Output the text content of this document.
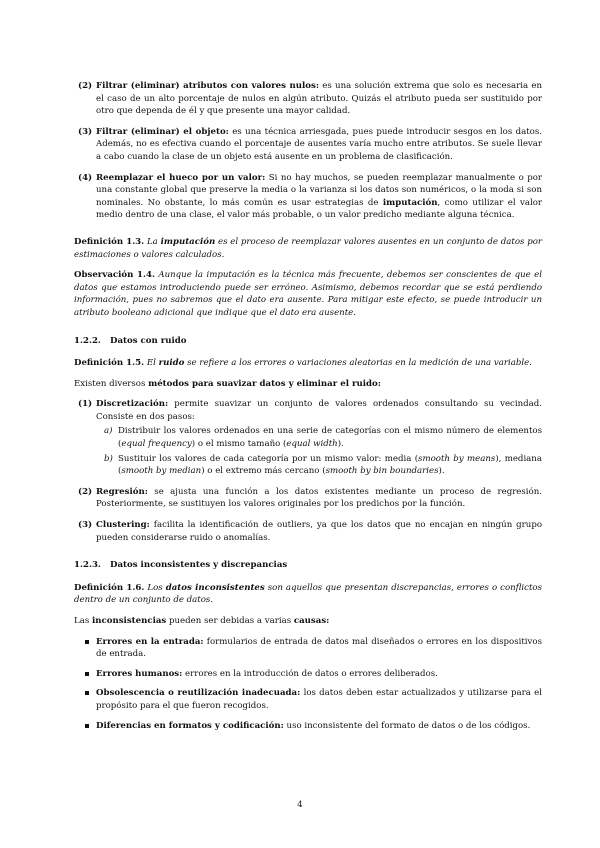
(2) Filtrar (eliminar) atributos con valores nulos: es una solución extrema que solo es necesaria en el caso de un alto porcentaje de nulos en algún atributo. Quizás el atributo pueda ser sustituido por otro que dependa de él y que presente una mayor calidad.
(3) Filtrar (eliminar) el objeto: es una técnica arriesgada, pues puede introducir sesgos en los datos. Además, no es efectiva cuando el porcentaje de ausentes varía mucho entre atributos. Se suele llevar a cabo cuando la clase de un objeto está ausente en un problema de clasificación.
(4) Reemplazar el hueco por un valor: Si no hay muchos, se pueden reemplazar manualmente o por una constante global que preserve la media o la varianza si los datos son numéricos, o la moda si son nominales. No obstante, lo más común es usar estrategias de imputación, como utilizar el valor medio dentro de una clase, el valor más probable, o un valor predicho mediante alguna técnica.
Definición 1.3. La imputación es el proceso de reemplazar valores ausentes en un conjunto de datos por estimaciones o valores calculados.
Observación 1.4. Aunque la imputación es la técnica más frecuente, debemos ser conscientes de que el datos que estamos introduciendo puede ser erróneo. Asimismo, debemos recordar que se está perdiendo información, pues no sabremos que el dato era ausente. Para mitigar este efecto, se puede introducir un atributo booleano adicional que indique que el dato era ausente.
1.2.2. Datos con ruido
Definición 1.5. El ruido se refiere a los errores o variaciones aleatorias en la medición de una variable.
Existen diversos métodos para suavizar datos y eliminar el ruido:
(1) Discretización: permite suavizar un conjunto de valores ordenados consultando su vecindad. Consiste en dos pasos:
a) Distribuir los valores ordenados en una serie de categorías con el mismo número de elementos (equal frequency) o el mismo tamaño (equal width).
b) Sustituir los valores de cada categoría por un mismo valor: media (smooth by means), mediana (smooth by median) o el extremo más cercano (smooth by bin boundaries).
(2) Regresión: se ajusta una función a los datos existentes mediante un proceso de regresión. Posteriormente, se sustituyen los valores originales por los predichos por la función.
(3) Clustering: facilita la identificación de outliers, ya que los datos que no encajan en ningún grupo pueden considerarse ruido o anomalías.
1.2.3. Datos inconsistentes y discrepancias
Definición 1.6. Los datos inconsistentes son aquellos que presentan discrepancias, errores o conflictos dentro de un conjunto de datos.
Las inconsistencias pueden ser debidas a varias causas:
Errores en la entrada: formularios de entrada de datos mal diseñados o errores en los dispositivos de entrada.
Errores humanos: errores en la introducción de datos o errores deliberados.
Obsolescencia o reutilización inadecuada: los datos deben estar actualizados y utilizarse para el propósito para el que fueron recogidos.
Diferencias en formatos y codificación: uso inconsistente del formato de datos o de los códigos.
4
